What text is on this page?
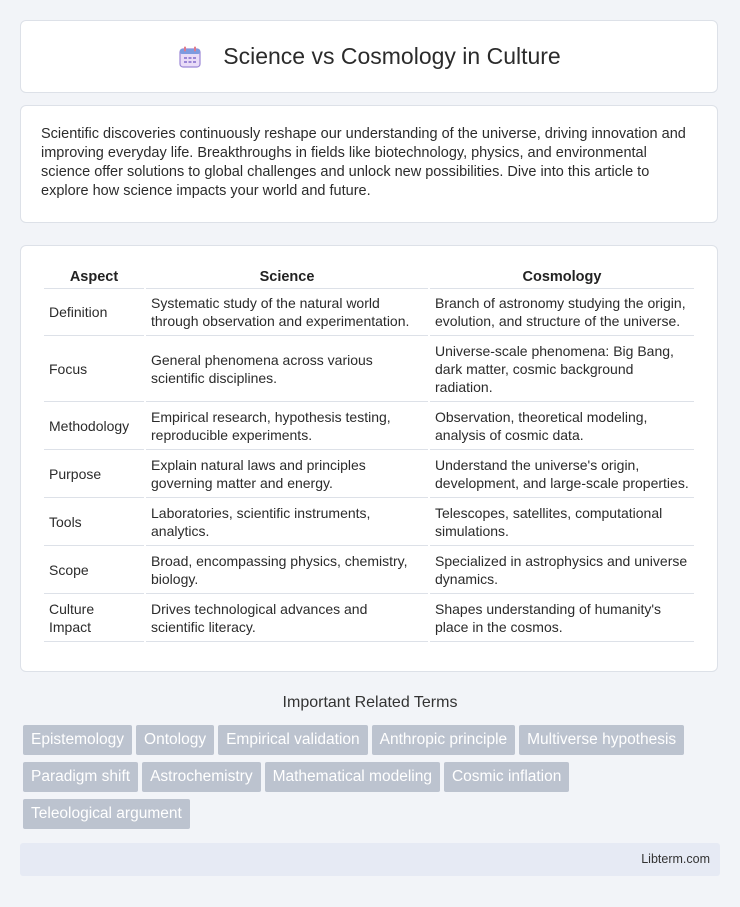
Science vs Cosmology in Culture

Scientific discoveries continuously reshape our understanding of the universe, driving innovation and improving everyday life. Breakthroughs in fields like biotechnology, physics, and environmental science offer solutions to global challenges and unlock new possibilities. Dive into this article to explore how science impacts your world and future.

Aspect	Science	Cosmology
Definition	Systematic study of the natural world through observation and experimentation.	Branch of astronomy studying the origin, evolution, and structure of the universe.
Focus	General phenomena across various scientific disciplines.	Universe-scale phenomena: Big Bang, dark matter, cosmic background radiation.
Methodology	Empirical research, hypothesis testing, reproducible experiments.	Observation, theoretical modeling, analysis of cosmic data.
Purpose	Explain natural laws and principles governing matter and energy.	Understand the universe's origin, development, and large-scale properties.
Tools	Laboratories, scientific instruments, analytics.	Telescopes, satellites, computational simulations.
Scope	Broad, encompassing physics, chemistry, biology.	Specialized in astrophysics and universe dynamics.
Culture Impact	Drives technological advances and scientific literacy.	Shapes understanding of humanity's place in the cosmos.
Important Related Terms
Epistemology Ontology Empirical validation Anthropic principle Multiverse hypothesisParadigm shift Astrochemistry Mathematical modeling Cosmic inflationTeleological argument
Libterm.com
